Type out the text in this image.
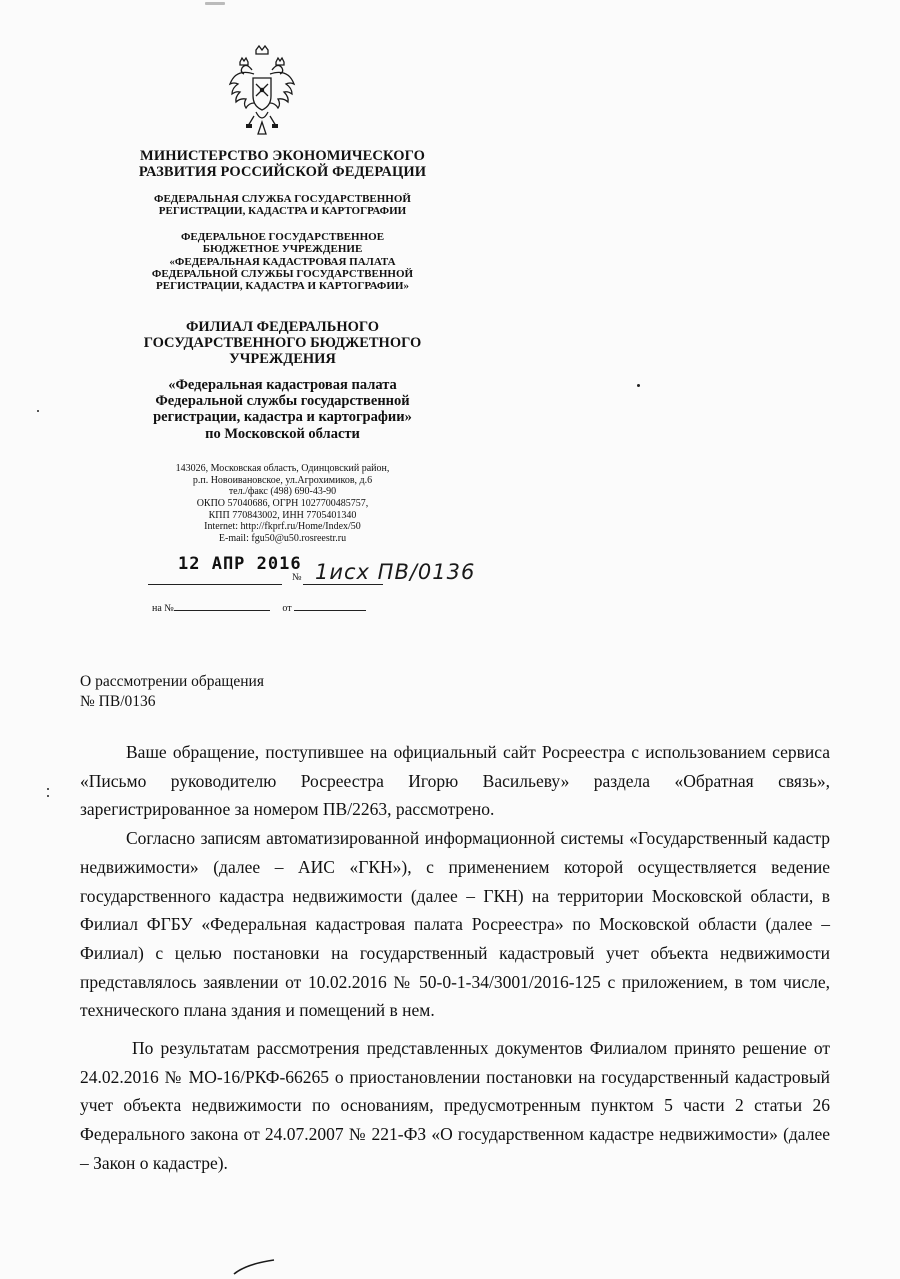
МИНИСТЕРСТВО ЭКОНОМИЧЕСКОГО
РАЗВИТИЯ РОССИЙСКОЙ ФЕДЕРАЦИИ
ФЕДЕРАЛЬНАЯ СЛУЖБА ГОСУДАРСТВЕННОЙ
РЕГИСТРАЦИИ, КАДАСТРА И КАРТОГРАФИИ
ФЕДЕРАЛЬНОЕ ГОСУДАРСТВЕННОЕ
БЮДЖЕТНОЕ УЧРЕЖДЕНИЕ
«ФЕДЕРАЛЬНАЯ КАДАСТРОВАЯ ПАЛАТА
ФЕДЕРАЛЬНОЙ СЛУЖБЫ ГОСУДАРСТВЕННОЙ
РЕГИСТРАЦИИ, КАДАСТРА И КАРТОГРАФИИ»
ФИЛИАЛ ФЕДЕРАЛЬНОГО
ГОСУДАРСТВЕННОГО БЮДЖЕТНОГО
УЧРЕЖДЕНИЯ
«Федеральная кадастровая палата
Федеральной службы государственной
регистрации, кадастра и картографии»
по Московской области
143026, Московская область, Одинцовский район,
р.п. Новоивановское, ул.Агрохимиков, д.6
тел./факс (498) 690-43-90
ОКПО 57040686, ОГРН 1027700485757,
КПП 770843002, ИНН 7705401340
Internet: http://fkprf.ru/Home/Index/50
E-mail: fgu50@u50.rosreestr.ru
12 АПР 2016
№ 1исх ПВ/0136
на №	от
О рассмотрении обращения
№ ПВ/0136

Ваше обращение, поступившее на официальный сайт Росреестра с использованием сервиса «Письмо руководителю Росреестра Игорю Васильеву» раздела «Обратная связь», зарегистрированное за номером ПВ/2263, рассмотрено.

Согласно записям автоматизированной информационной системы «Государственный кадастр недвижимости» (далее – АИС «ГКН»), с применением которой осуществляется ведение государственного кадастра недвижимости (далее – ГКН) на территории Московской области, в Филиал ФГБУ «Федеральная кадастровая палата Росреестра» по Московской области (далее – Филиал) с целью постановки на государственный кадастровый учет объекта недвижимости представлялось заявлении от 10.02.2016 № 50-0-1-34/3001/2016-125 с приложением, в том числе, технического плана здания и помещений в нем.

По результатам рассмотрения представленных документов Филиалом принято решение от 24.02.2016 № МО-16/РКФ-66265 о приостановлении постановки на государственный кадастровый учет объекта недвижимости по основаниям, предусмотренным пунктом 5 части 2 статьи 26 Федерального закона от 24.07.2007 № 221-ФЗ «О государственном кадастре недвижимости» (далее – Закон о кадастре).
